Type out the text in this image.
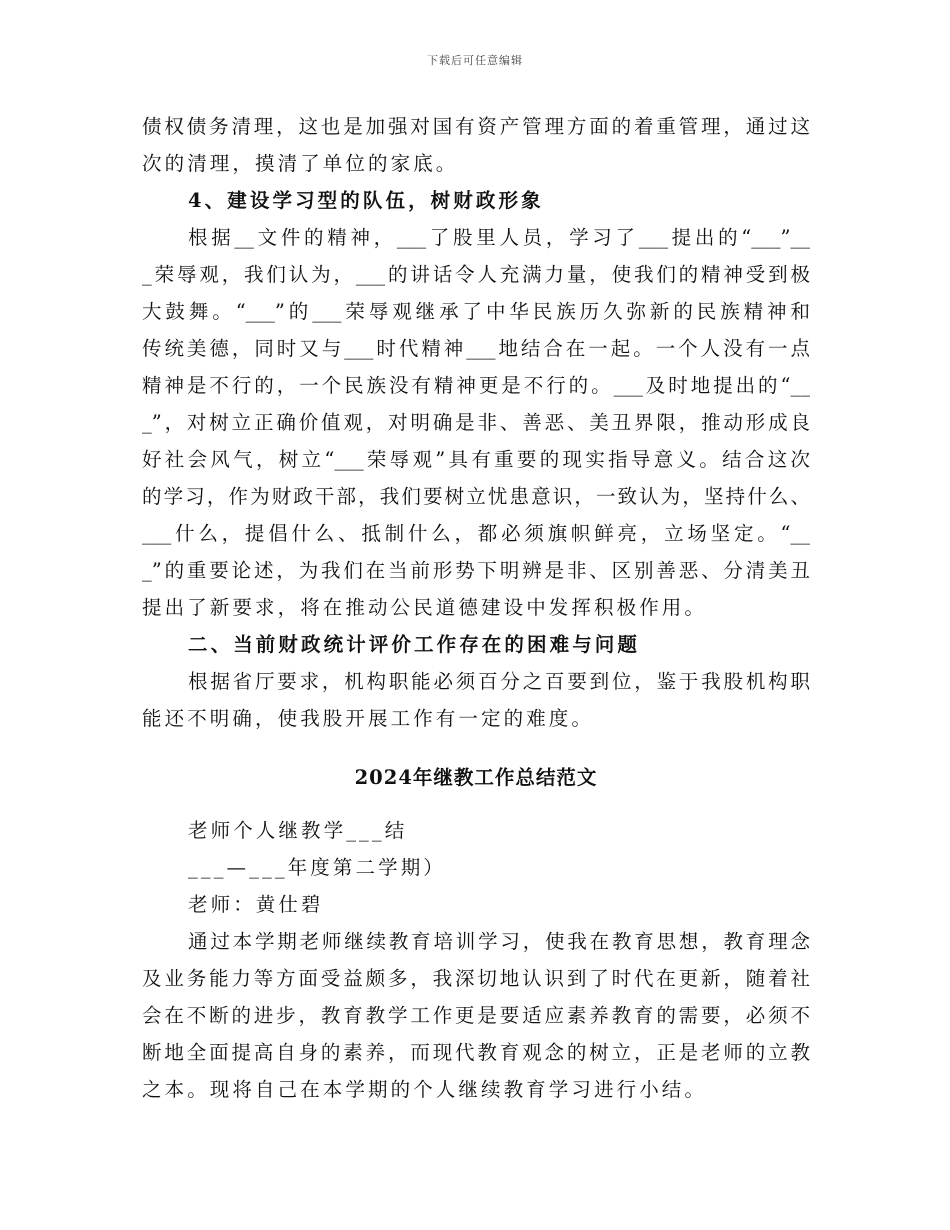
下载后可任意编辑
债权债务清理，这也是加强对国有资产管理方面的着重管理，通过这
次的清理，摸清了单位的家底。
4、建设学习型的队伍，树财政形象
根据__文件的精神，___了股里人员，学习了___提出的“___”__
_荣辱观，我们认为，___的讲话令人充满力量，使我们的精神受到极
大鼓舞。“___”的___荣辱观继承了中华民族历久弥新的民族精神和
传统美德，同时又与___时代精神___地结合在一起。一个人没有一点
精神是不行的，一个民族没有精神更是不行的。___及时地提出的“__
_”，对树立正确价值观，对明确是非、善恶、美丑界限，推动形成良
好社会风气，树立“___荣辱观”具有重要的现实指导意义。结合这次
的学习，作为财政干部，我们要树立忧患意识，一致认为，坚持什么、
___什么，提倡什么、抵制什么，都必须旗帜鲜亮，立场坚定。“__
_”的重要论述，为我们在当前形势下明辨是非、区别善恶、分清美丑
提出了新要求，将在推动公民道德建设中发挥积极作用。
二、当前财政统计评价工作存在的困难与问题
根据省厅要求，机构职能必须百分之百要到位，鉴于我股机构职
能还不明确，使我股开展工作有一定的难度。
2024年继教工作总结范文
老师个人继教学___结
___—___年度第二学期）
老师：黄仕碧
通过本学期老师继续教育培训学习，使我在教育思想，教育理念
及业务能力等方面受益颇多，我深切地认识到了时代在更新，随着社
会在不断的进步，教育教学工作更是要适应素养教育的需要，必须不
断地全面提高自身的素养，而现代教育观念的树立，正是老师的立教
之本。现将自己在本学期的个人继续教育学习进行小结。
